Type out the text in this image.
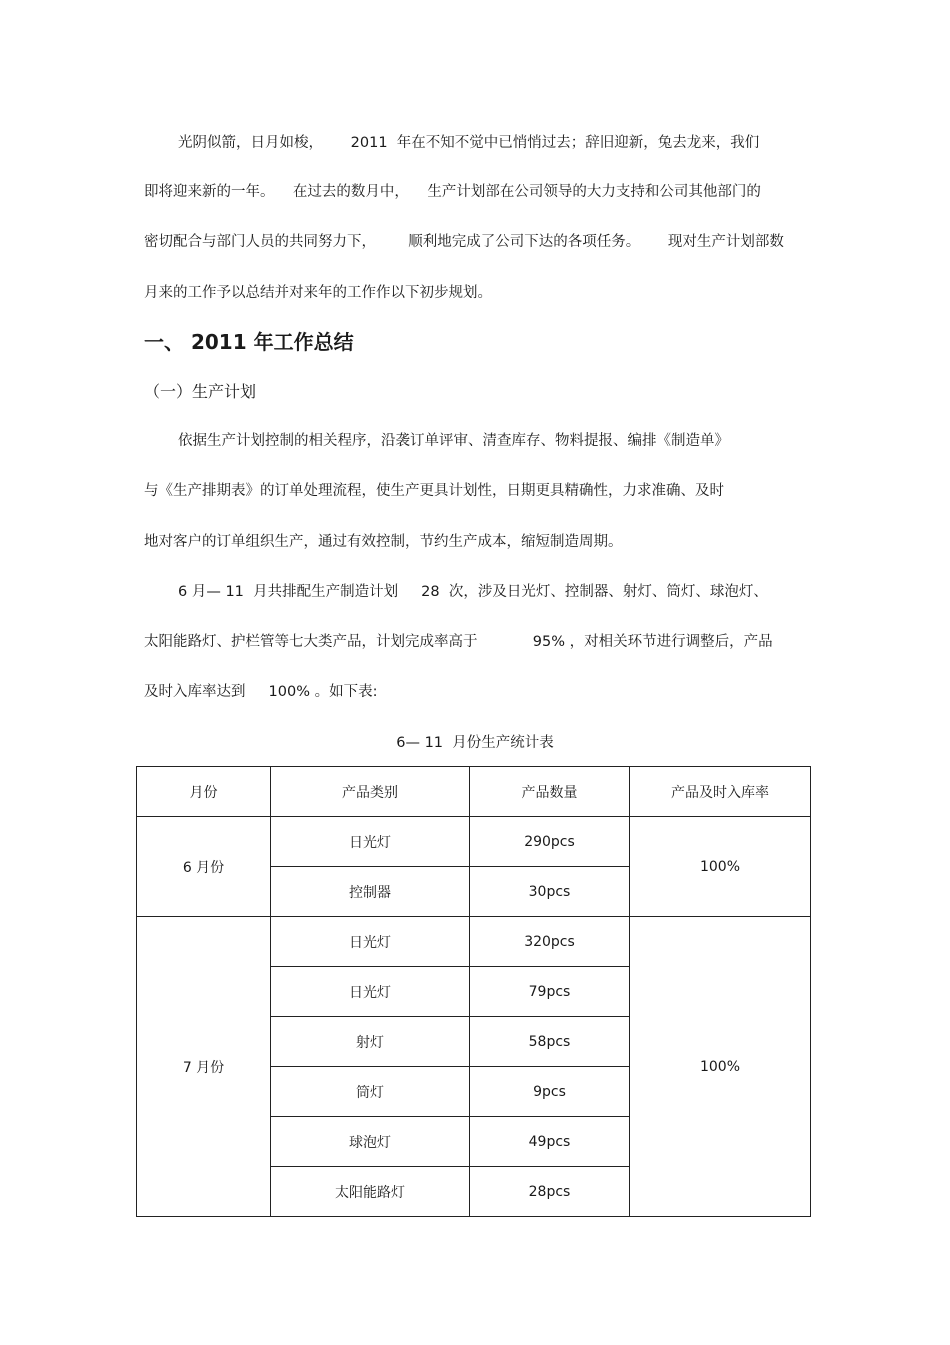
光阴似箭，日月如梭，      2011  年在不知不觉中已悄悄过去；辞旧迎新，兔去龙来，我们
即将迎来新的一年。    在过去的数月中，    生产计划部在公司领导的大力支持和公司其他部门的
密切配合与部门人员的共同努力下，       顺利地完成了公司下达的各项任务。      现对生产计划部数
月来的工作予以总结并对来年的工作作以下初步规划。
一、 2011 年工作总结
（一）生产计划
依据生产计划控制的相关程序，沿袭订单评审、清查库存、物料提报、编排《制造单》
与《生产排期表》的订单处理流程，使生产更具计划性，日期更具精确性，力求准确、及时
地对客户的订单组织生产，通过有效控制，节约生产成本，缩短制造周期。
6 月— 11  月共排配生产制造计划     28  次，涉及日光灯、控制器、射灯、筒灯、球泡灯、
太阳能路灯、护栏管等七大类产品，计划完成率高于            95% ，对相关环节进行调整后，产品
及时入库率达到     100% 。如下表:
6— 11  月份生产统计表
月份	产品类别	产品数量	产品及时入库率
6 月份	日光灯	290pcs	100%
	控制器	30pcs	
7 月份	日光灯	320pcs	100%
	日光灯	79pcs	
	射灯	58pcs	
	筒灯	9pcs	
	球泡灯	49pcs	
	太阳能路灯	28pcs	
